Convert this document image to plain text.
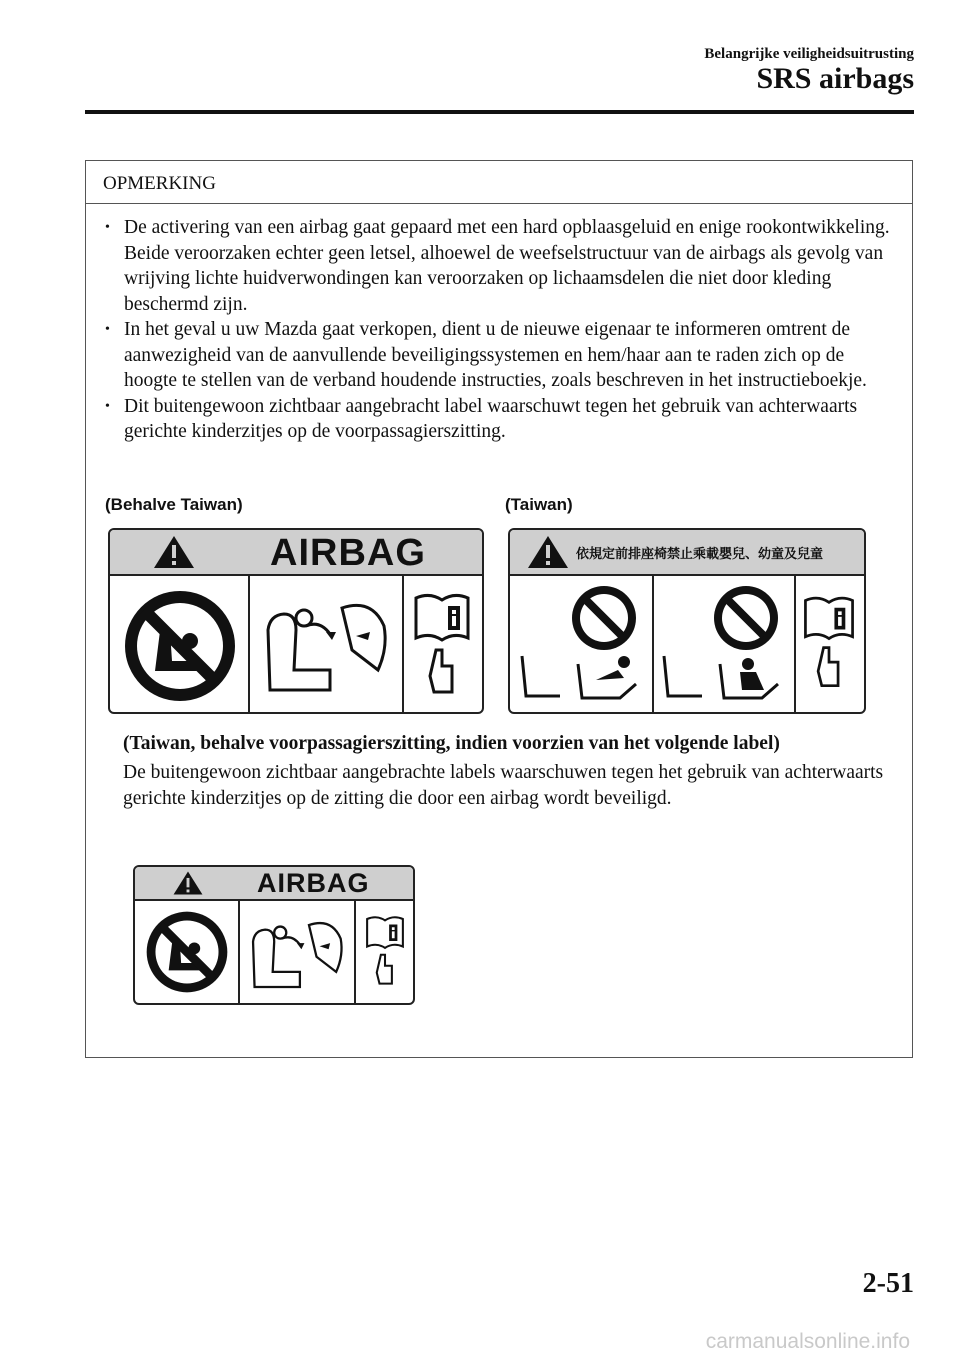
Belangrijke veiligheidsuitrusting
SRS airbags
OPMERKING
• De activering van een airbag gaat gepaard met een hard opblaasgeluid en enige rookontwikkeling. Beide veroorzaken echter geen letsel, alhoewel de weefselstructuur van de airbags als gevolg van wrijving lichte huidverwondingen kan veroorzaken op lichaamsdelen die niet door kleding beschermd zijn.
• In het geval u uw Mazda gaat verkopen, dient u de nieuwe eigenaar te informeren omtrent de aanwezigheid van de aanvullende beveiligingssystemen en hem/haar aan te raden zich op de hoogte te stellen van de verband houdende instructies, zoals beschreven in het instructieboekje.
• Dit buitengewoon zichtbaar aangebracht label waarschuwt tegen het gebruik van achterwaarts gerichte kinderzitjes op de voorpassagierszitting.
(Behalve Taiwan)	(Taiwan)
AIRBAG	依規定前排座椅禁止乘載嬰兒、幼童及兒童
(Taiwan, behalve voorpassagierszitting, indien voorzien van het volgende label)
De buitengewoon zichtbaar aangebrachte labels waarschuwen tegen het gebruik van achterwaarts gerichte kinderzitjes op de zitting die door een airbag wordt beveiligd.
AIRBAG
2-51
carmanualsonline.info
